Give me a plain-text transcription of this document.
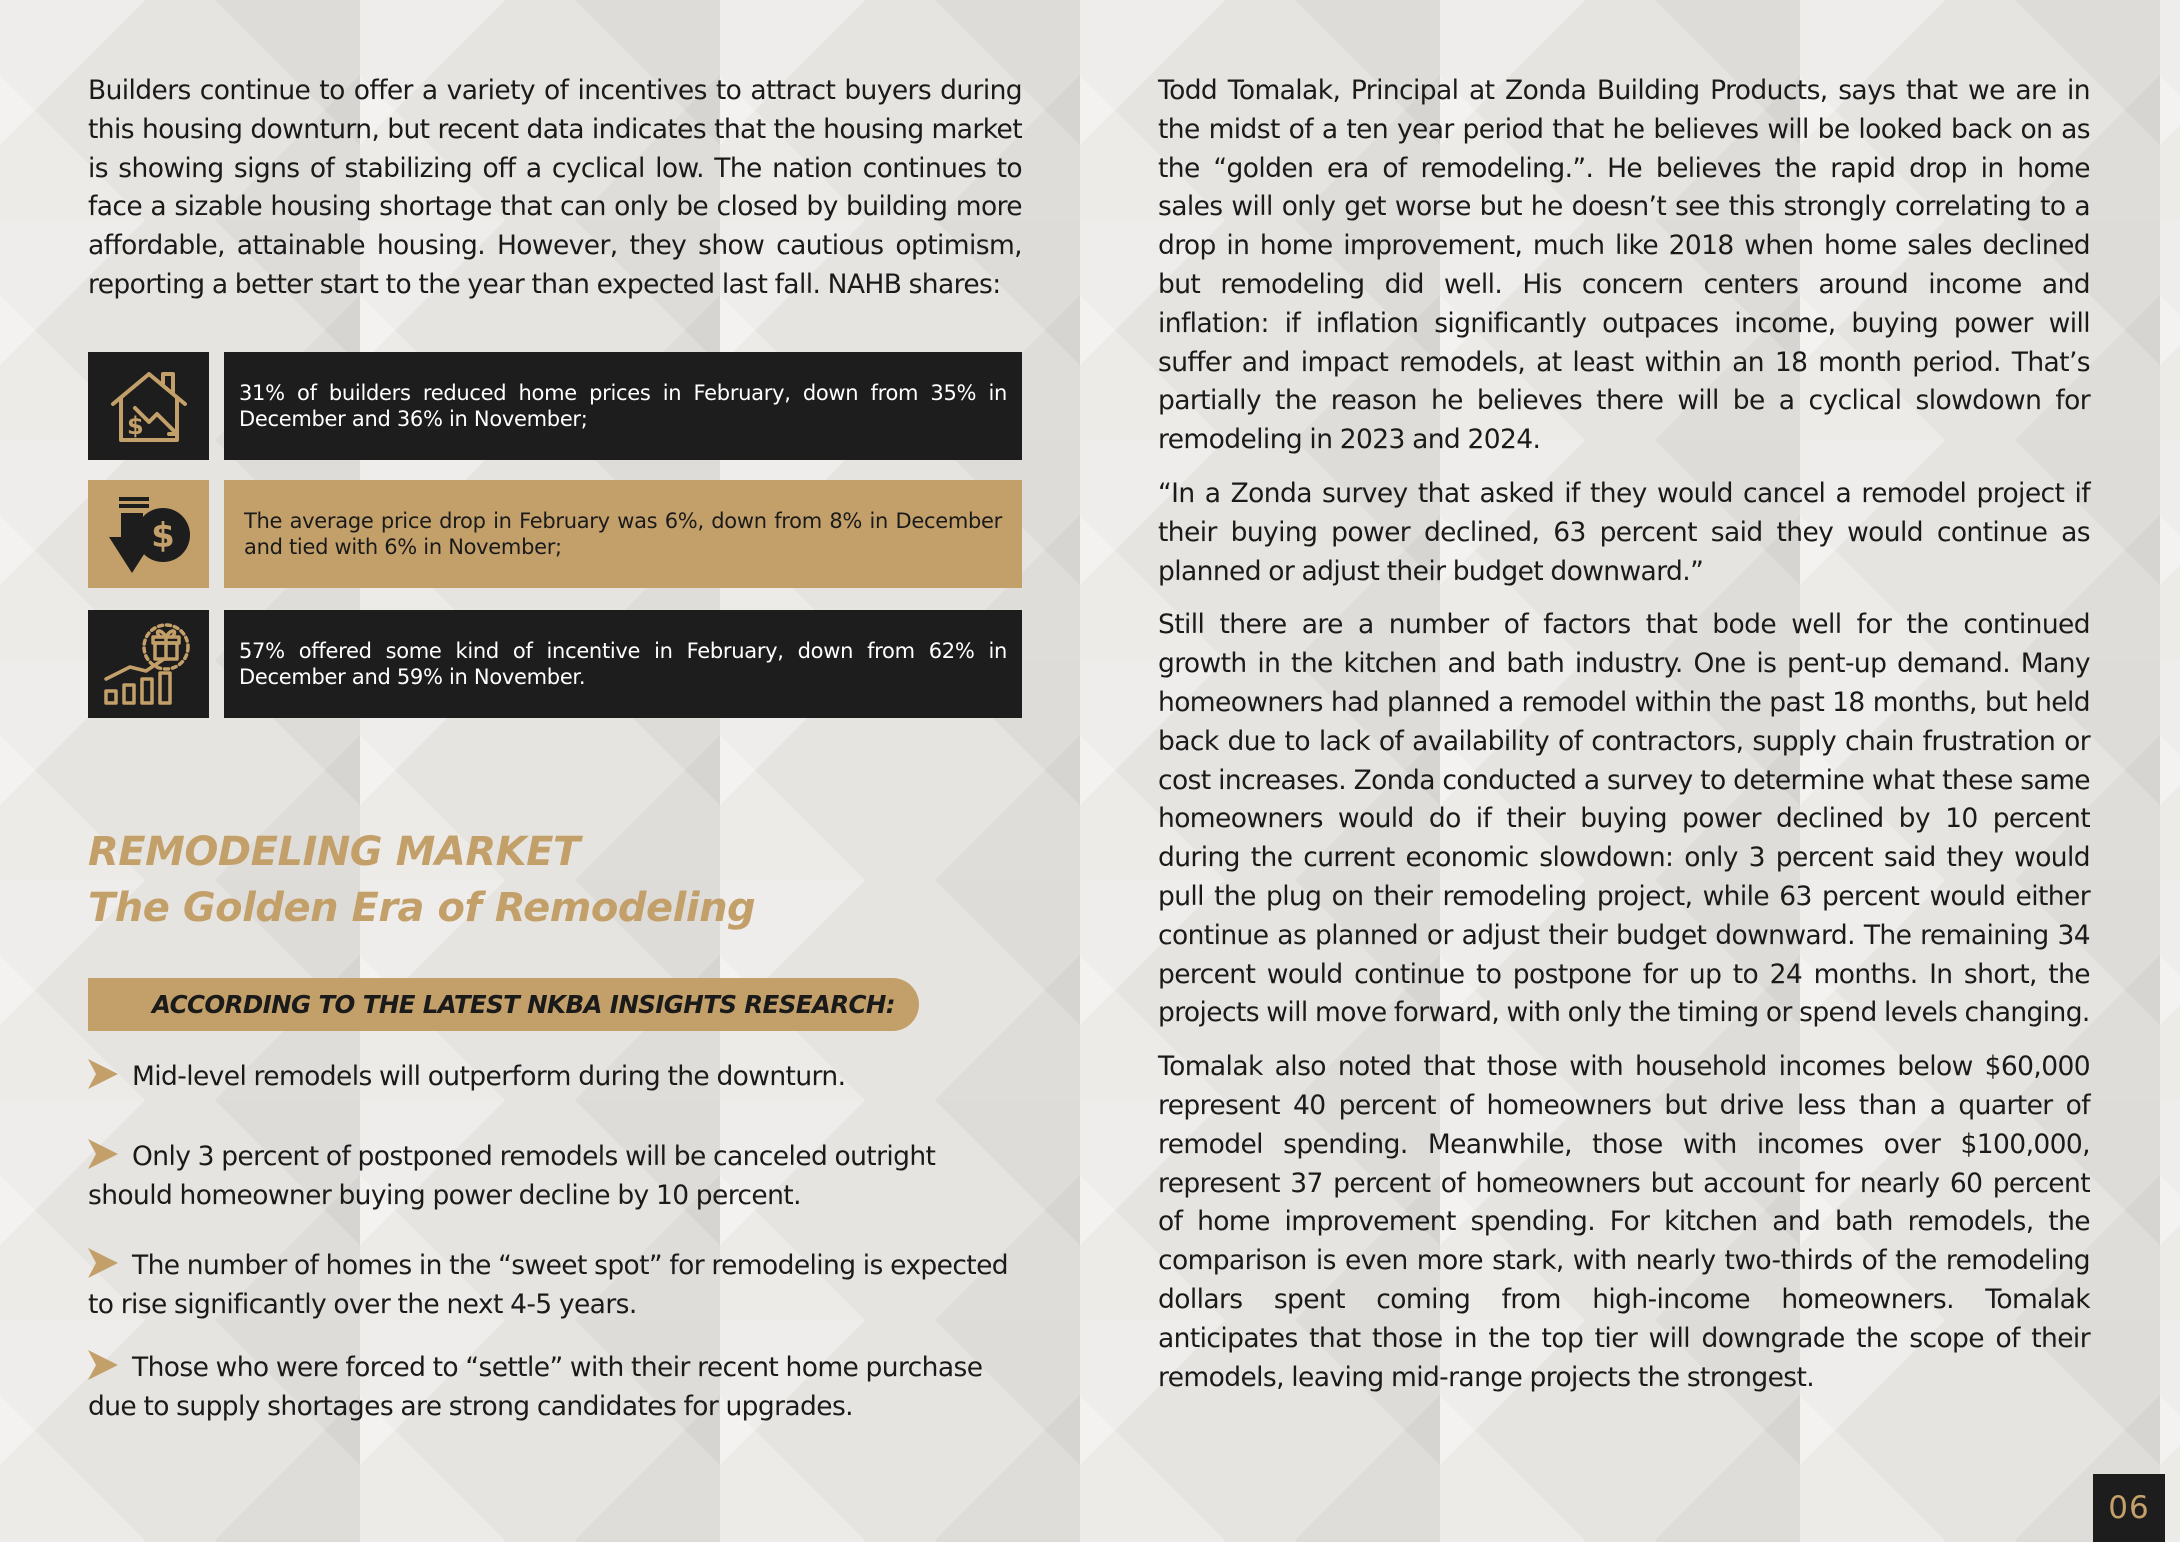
Builders continue to offer a variety of incentives to attract buyers during this housing downturn, but recent data indicates that the housing market is showing signs of stabilizing off a cyclical low. The nation continues to face a sizable housing shortage that can only be closed by building more affordable, attainable housing. However, they show cautious optimism, reporting a better start to the year than expected last fall. NAHB shares:

$
31% of builders reduced home prices in February, down from 35% in December and 36% in November;
$	The average price drop in February was 6%, down from 8% in December and tied with 6% in November;
57% offered some kind of incentive in February, down from 62% in December and 59% in November.
REMODELING MARKET
The Golden Era of Remodeling
ACCORDING TO THE LATEST NKBA INSIGHTS RESEARCH:

Mid-level remodels will outperform during the downturn.

Only 3 percent of postponed remodels will be canceled outright should homeowner buying power decline by 10 percent.

The number of homes in the “sweet spot” for remodeling is expected to rise significantly over the next 4-5 years.

Those who were forced to “settle” with their recent home purchase due to supply shortages are strong candidates for upgrades.

Todd Tomalak, Principal at Zonda Building Products, says that we are in the midst of a ten year period that he believes will be looked back on as the “golden era of remodeling.”. He believes the rapid drop in home sales will only get worse but he doesn’t see this strongly correlating to a drop in home improvement, much like 2018 when home sales declined but remodeling did well. His concern centers around income and inflation: if inflation significantly outpaces income, buying power will suffer and impact remodels, at least within an 18 month period. That’s partially the reason he believes there will be a cyclical slowdown for remodeling in 2023 and 2024.

“In a Zonda survey that asked if they would cancel a remodel project if their buying power declined, 63 percent said they would continue as planned or adjust their budget downward.”

Still there are a number of factors that bode well for the continued growth in the kitchen and bath industry. One is pent-up demand. Many homeowners had planned a remodel within the past 18 months, but held back due to lack of availability of contractors, supply chain frustration or cost increases. Zonda conducted a survey to determine what these same homeowners would do if their buying power declined by 10 percent during the current economic slowdown: only 3 percent said they would pull the plug on their remodeling project, while 63 percent would either continue as planned or adjust their budget downward. The remaining 34 percent would continue to postpone for up to 24 months. In short, the projects will move forward, with only the timing or spend levels changing.

Tomalak also noted that those with household incomes below $60,000 represent 40 percent of homeowners but drive less than a quarter of remodel spending. Meanwhile, those with incomes over $100,000, represent 37 percent of homeowners but account for nearly 60 percent of home improvement spending. For kitchen and bath remodels, the comparison is even more stark, with nearly two-thirds of the remodeling dollars spent coming from high-income homeowners. Tomalak anticipates that those in the top tier will downgrade the scope of their remodels, leaving mid-range projects the strongest.

06
